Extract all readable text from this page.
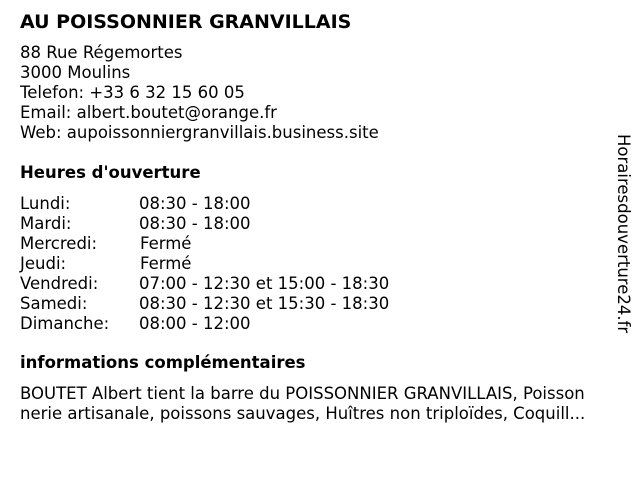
AU POISSONNIER GRANVILLAIS
88 Rue Régemortes
3000 Moulins
Telefon: +33 6 32 15 60 05
Email: albert.boutet@orange.fr
Web: aupoissonniergranvillais.business.site
Heures d'ouverture
Lundi:	08:30 - 18:00
Mardi:	08:30 - 18:00
Mercredi:	Fermé
Jeudi:	Fermé
Vendredi: 07:00 - 12:30 et 15:00 - 18:30
Samedi:	08:30 - 12:30 et 15:30 - 18:30
Dimanche: 08:00 - 12:00
informations complémentaires
BOUTET Albert tient la barre du POISSONNIER GRANVILLAIS, Poisson
nerie artisanale, poissons sauvages, Huîtres non triploïdes, Coquill...
Horairesdouverture24.fr
